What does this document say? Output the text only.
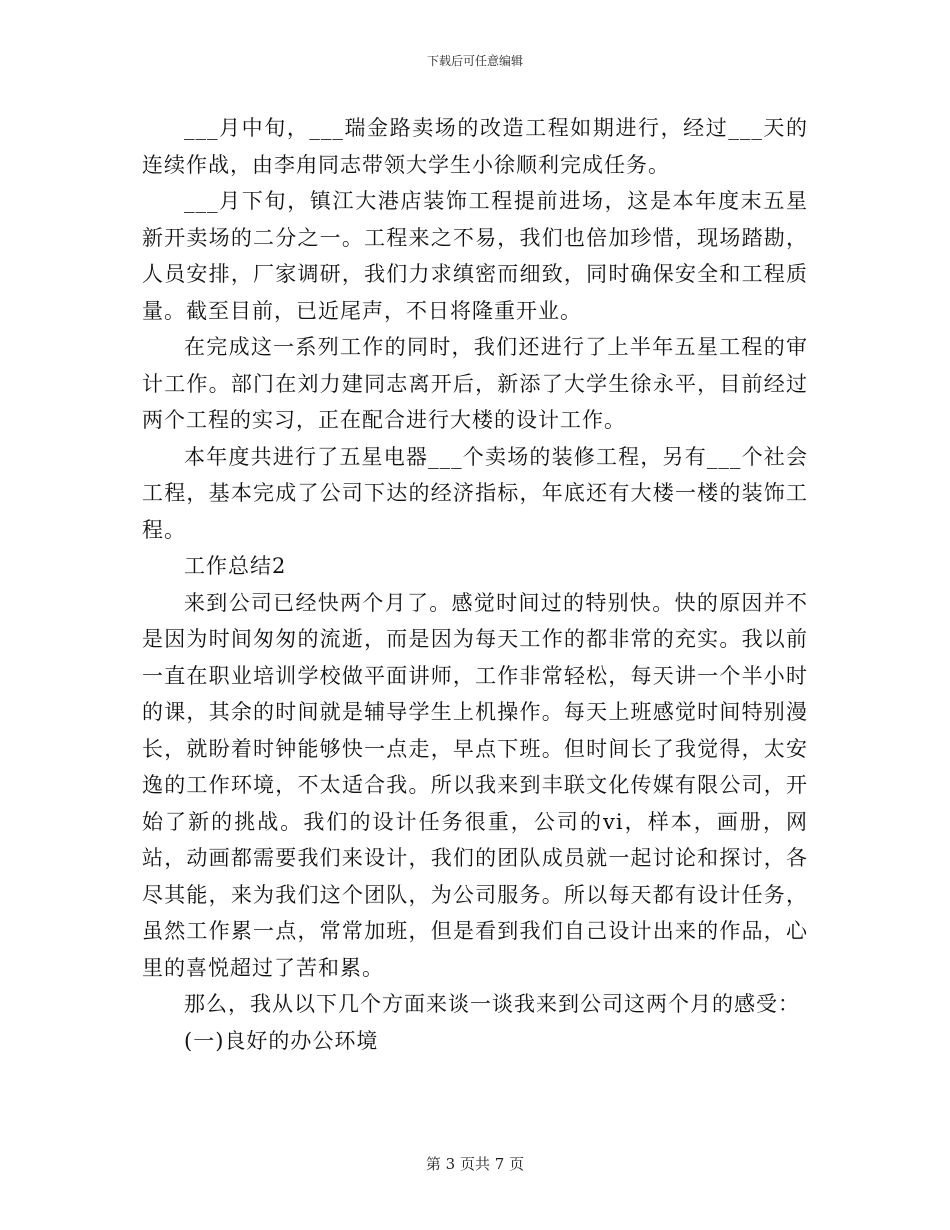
下载后可任意编辑

___月中旬，___瑞金路卖场的改造工程如期进行，经过___天的连续作战，由李甪同志带领大学生小徐顺利完成任务。

___月下旬，镇江大港店装饰工程提前进场，这是本年度末五星新开卖场的二分之一。工程来之不易，我们也倍加珍惜，现场踏勘，人员安排，厂家调研，我们力求缜密而细致，同时确保安全和工程质量。截至目前，已近尾声，不日将隆重开业。

在完成这一系列工作的同时，我们还进行了上半年五星工程的审计工作。部门在刘力建同志离开后，新添了大学生徐永平，目前经过两个工程的实习，正在配合进行大楼的设计工作。

本年度共进行了五星电器___个卖场的装修工程，另有___个社会工程，基本完成了公司下达的经济指标，年底还有大楼一楼的装饰工程。

工作总结2

来到公司已经快两个月了。感觉时间过的特别快。快的原因并不是因为时间匆匆的流逝，而是因为每天工作的都非常的充实。我以前一直在职业培训学校做平面讲师，工作非常轻松，每天讲一个半小时的课，其余的时间就是辅导学生上机操作。每天上班感觉时间特别漫长，就盼着时钟能够快一点走，早点下班。但时间长了我觉得，太安逸的工作环境，不太适合我。所以我来到丰联文化传媒有限公司，开始了新的挑战。我们的设计任务很重，公司的vi，样本，画册，网站，动画都需要我们来设计，我们的团队成员就一起讨论和探讨，各尽其能，来为我们这个团队，为公司服务。所以每天都有设计任务，虽然工作累一点，常常加班，但是看到我们自己设计出来的作品，心里的喜悦超过了苦和累。

那么，我从以下几个方面来谈一谈我来到公司这两个月的感受：

(一)良好的办公环境

第 3 页共 7 页
